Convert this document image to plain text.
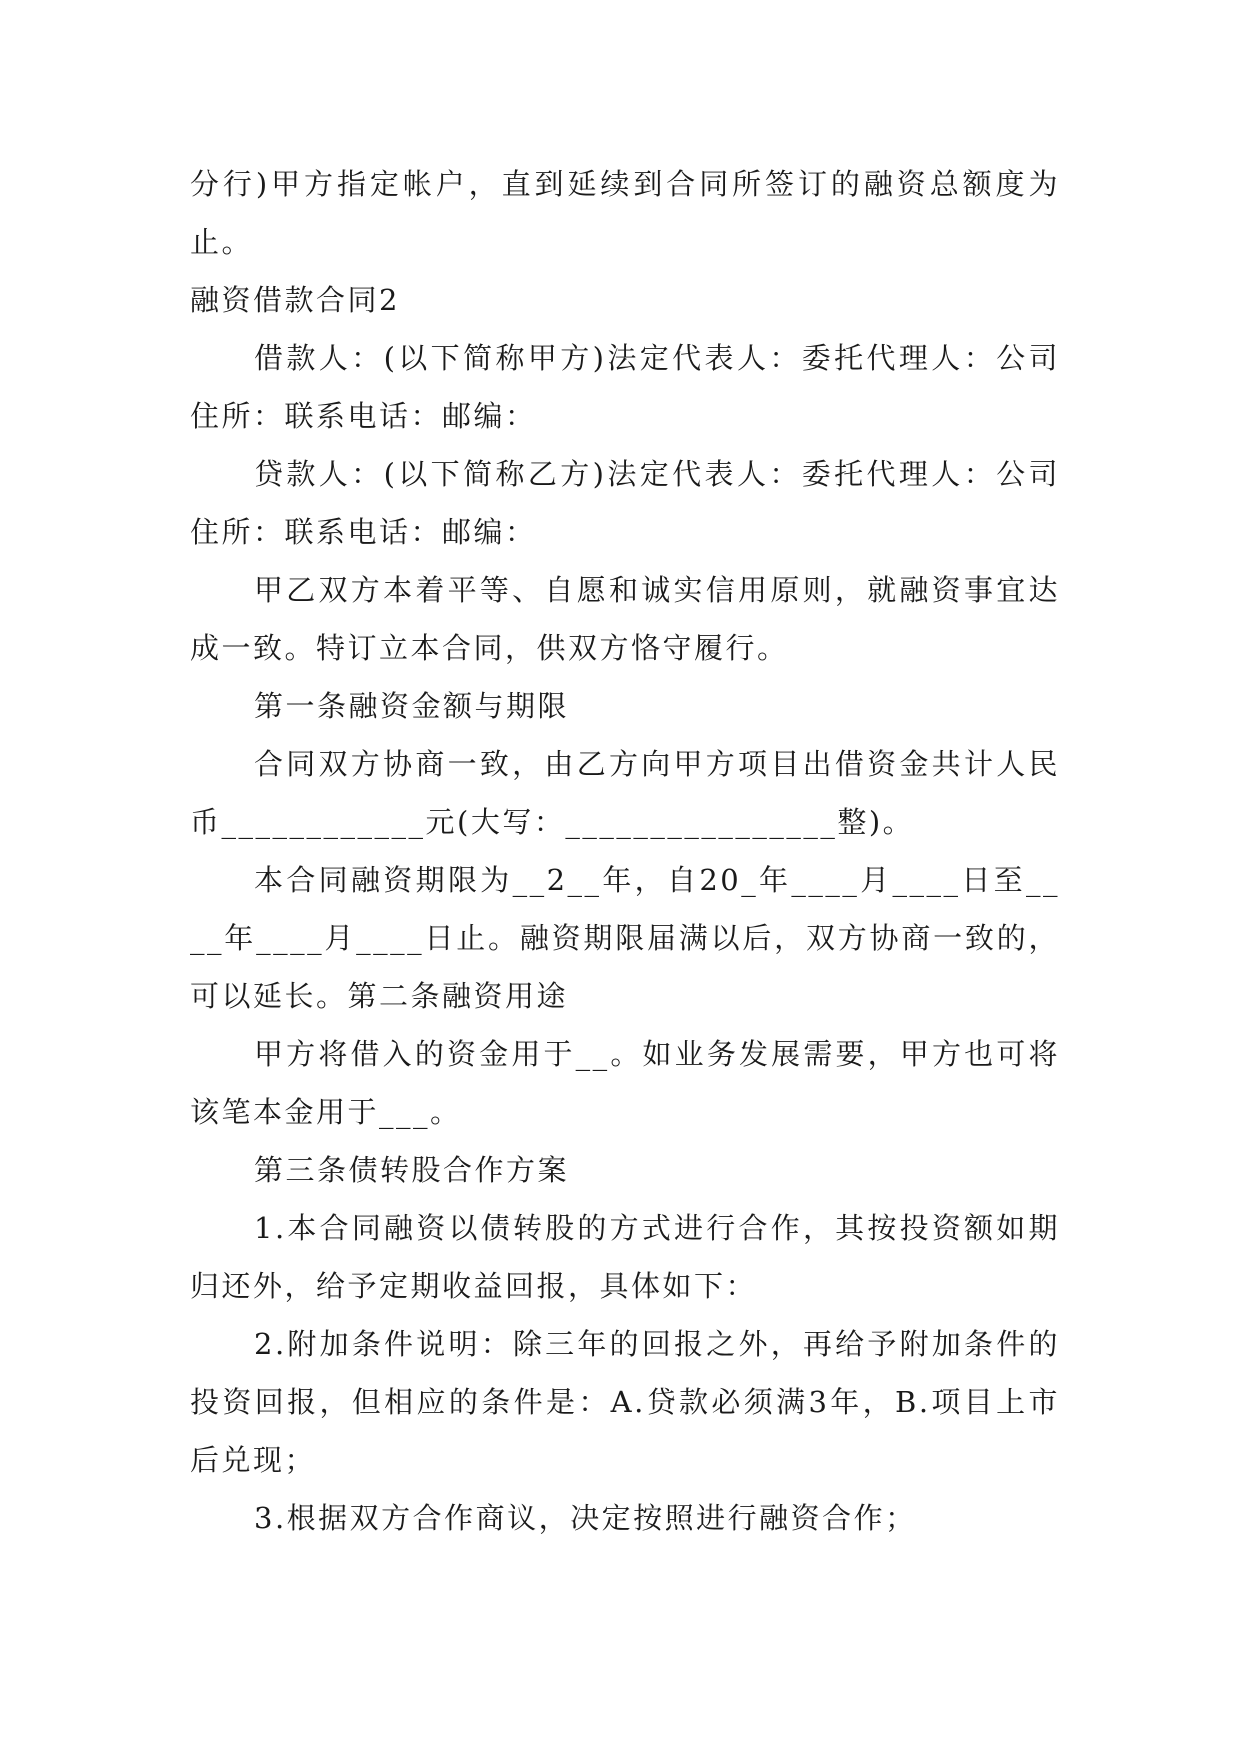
分行)甲方指定帐户，直到延续到合同所签订的融资总额度为止。

融资借款合同2

借款人：(以下简称甲方)法定代表人：委托代理人：公司住所：联系电话：邮编：

贷款人：(以下简称乙方)法定代表人：委托代理人：公司住所：联系电话：邮编：

甲乙双方本着平等、自愿和诚实信用原则，就融资事宜达成一致。特订立本合同，供双方恪守履行。

第一条融资金额与期限

合同双方协商一致，由乙方向甲方项目出借资金共计人民币____________元(大写：________________整)。

本合同融资期限为__2__年，自20_年____月____日至____年____月____日止。融资期限届满以后，双方协商一致的，可以延长。第二条融资用途

甲方将借入的资金用于__。如业务发展需要，甲方也可将该笔本金用于___。

第三条债转股合作方案

1.本合同融资以债转股的方式进行合作，其按投资额如期归还外，给予定期收益回报，具体如下：

2.附加条件说明：除三年的回报之外，再给予附加条件的投资回报，但相应的条件是：A.贷款必须满3年，B.项目上市后兑现；

3.根据双方合作商议，决定按照进行融资合作；
